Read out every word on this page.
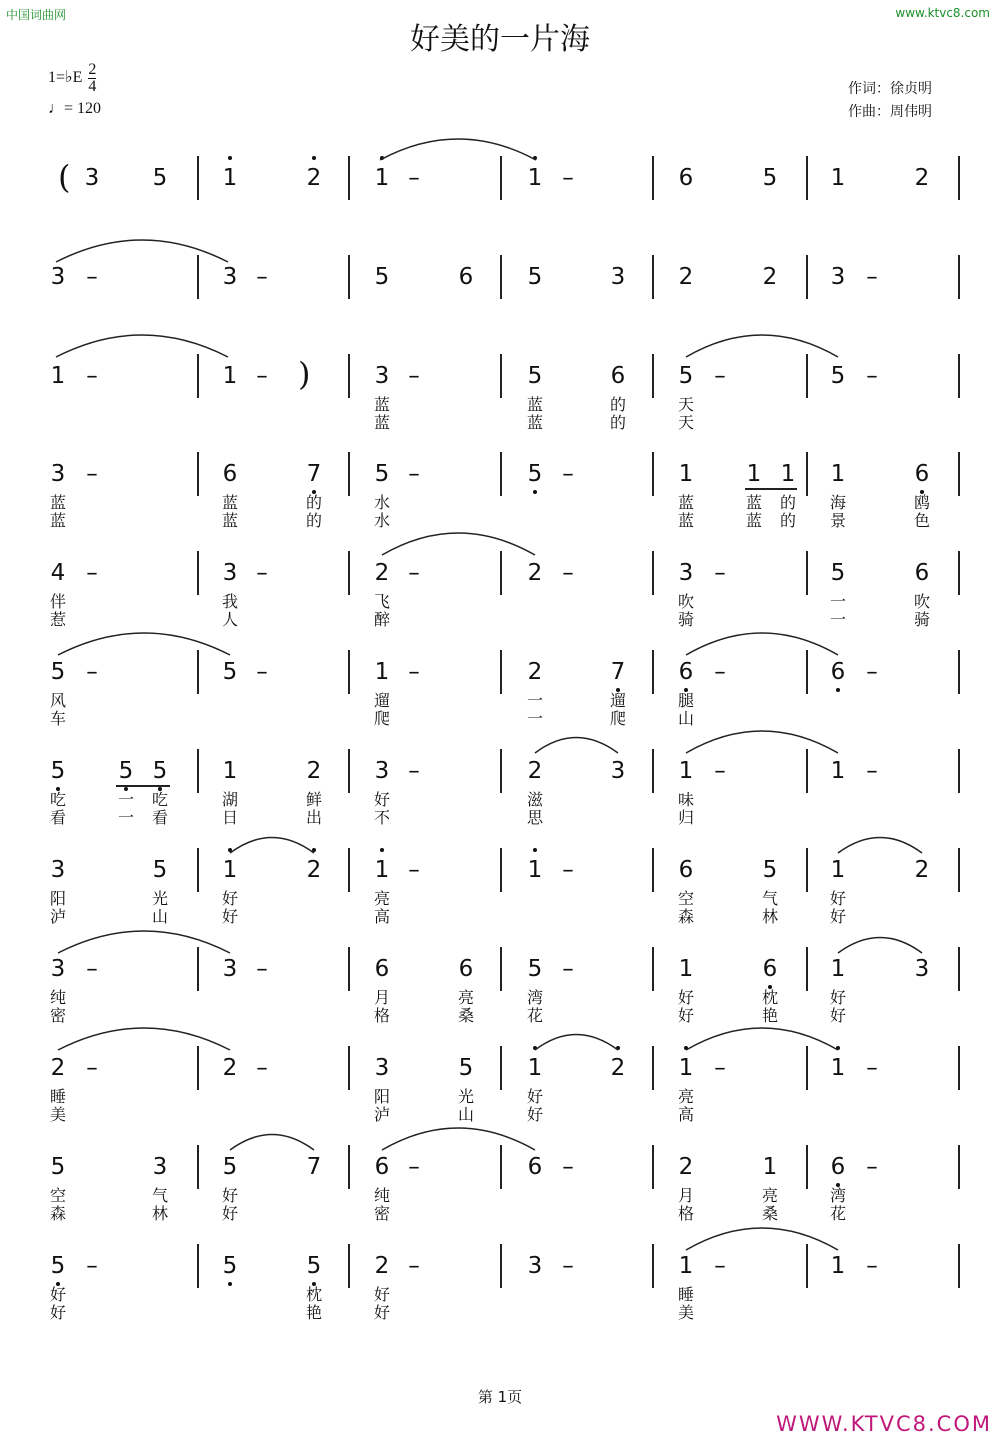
中国词曲网	www.ktvc8.com
好美的一片海
1=♭E $\frac{2}{4}$
♩= 120
作词：徐贞明
作曲：周伟明
3	5	1	2	1 –	1 –	6	5	1	2
3 –	3 –	5	6	5	3	2	2	3 –
1 –	1 –	3 –	5	6	5 –	5 –
蓝	蓝	的	天
蓝	蓝	的	天
3 –	6	7	5 –	5 –	1	1 1	1	6
蓝	蓝	的	水	蓝	蓝 的 海	鸥
蓝	蓝	的	水	蓝	蓝 的 景	色
4 –	3 –	2 –	2 –	3 –	5	6
伴	我	飞	吹	一	吹
惹	人	醉	骑	一	骑
5 –	5 –	1 –	2	7	6 –	6 –
风	遛	一	遛	腿
车	爬	一	爬	山
5	5 5	1	2	3 –	2	3	1 –	1 –
吃	一 吃	湖	鲜	好	滋	味
看	一 看	日	出	不	思	归
3	5	1	2	1 –	1 –	6	5	1	2
阳	光	好	亮	空	气	好
泸	山	好	高	森	林	好
3 –	3 –	6	6	5 –	1	6	1	3
纯	月	亮	湾	好	枕	好
密	格	桑	花	好	艳	好
2 –	2 –	3	5	1	2	1 –	1 –
睡	阳	光	好	亮
美	泸	山	好	高
5	3	5	7	6 –	6 –	2	1	6 –
空	气	好	纯	月	亮	湾
森	林	好	密	格	桑	花
5 –	5	5	2 –	3 –	1 –	1 –
好	枕	好	睡
好	艳	好	美
(
)
第 1页
WWW.KTVC8.COM
